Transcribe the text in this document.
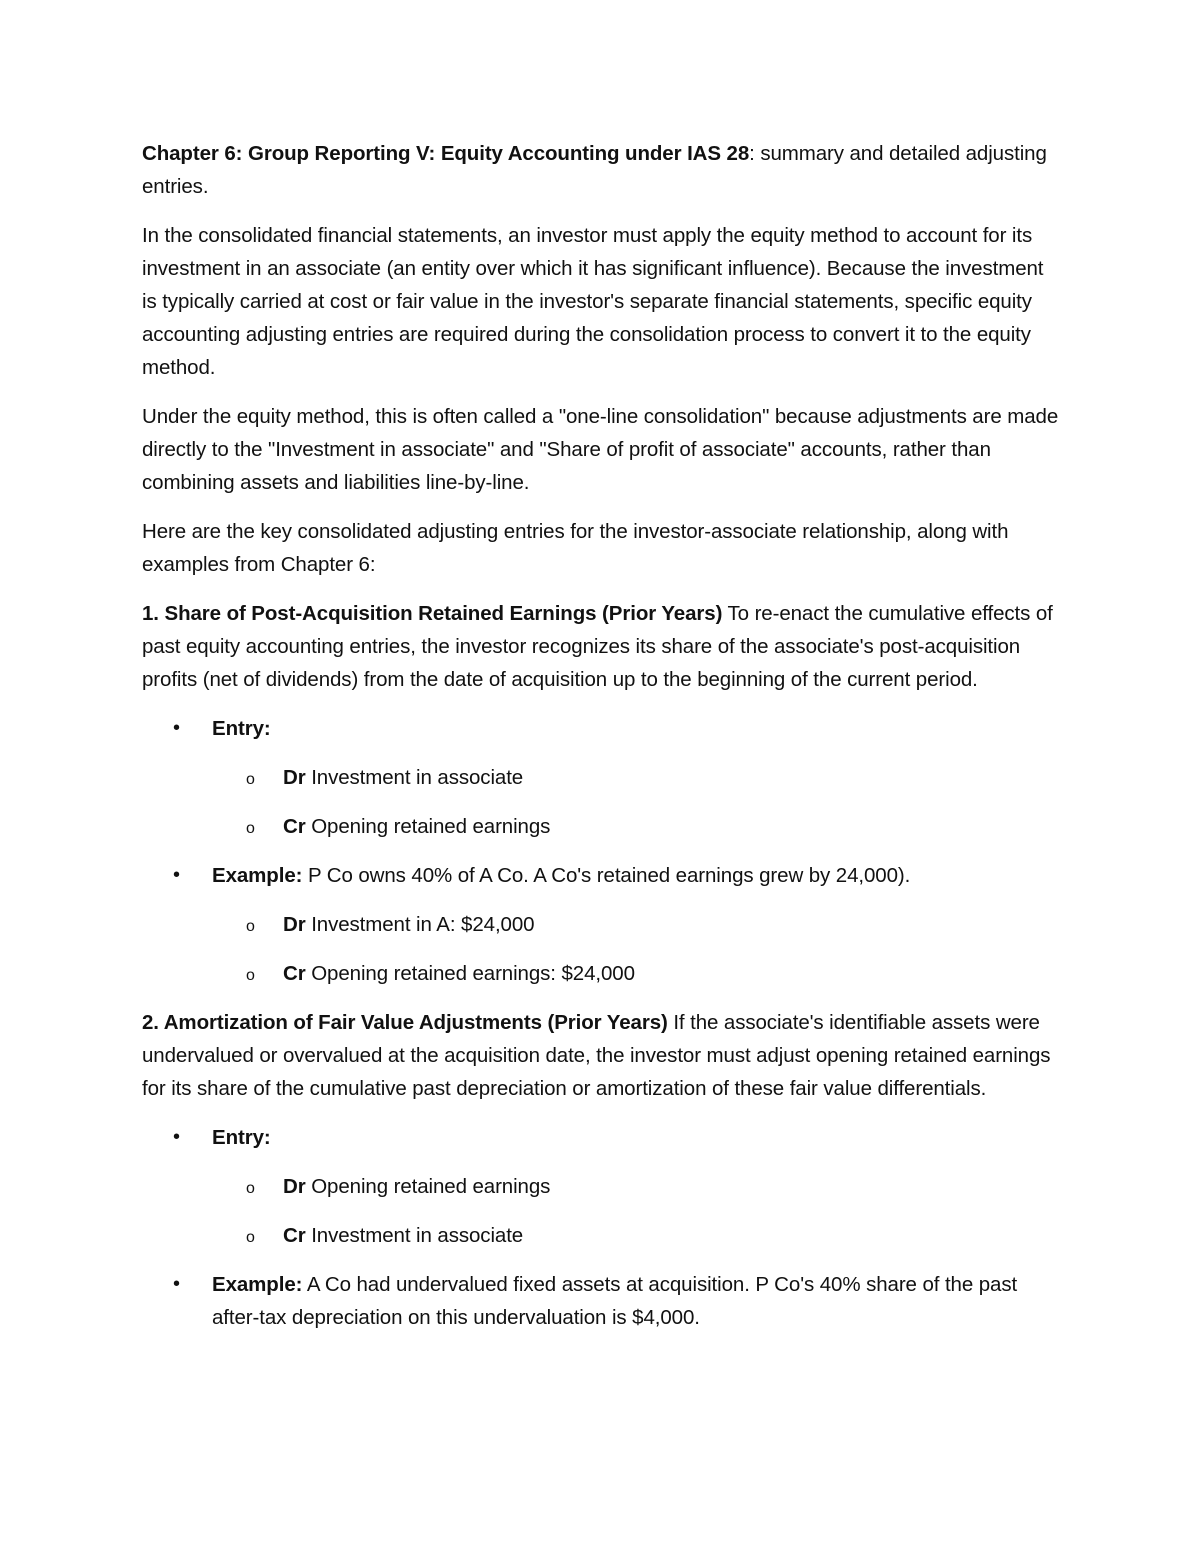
Chapter 6: Group Reporting V: Equity Accounting under IAS 28: summary and detailed adjusting entries.

In the consolidated financial statements, an investor must apply the equity method to account for its investment in an associate (an entity over which it has significant influence). Because the investment is typically carried at cost or fair value in the investor's separate financial statements, specific equity accounting adjusting entries are required during the consolidation process to convert it to the equity method.

Under the equity method, this is often called a "one-line consolidation" because adjustments are made directly to the "Investment in associate" and "Share of profit of associate" accounts, rather than combining assets and liabilities line-by-line.

Here are the key consolidated adjusting entries for the investor-associate relationship, along with examples from Chapter 6:

1. Share of Post-Acquisition Retained Earnings (Prior Years) To re-enact the cumulative effects of past equity accounting entries, the investor recognizes its share of the associate's post-acquisition profits (net of dividends) from the date of acquisition up to the beginning of the current period.

• Entry:
o Dr Investment in associate
o Cr Opening retained earnings
• Example: P Co owns 40% of A Co. A Co's retained earnings grew by 24,000).
o Dr Investment in A: $24,000
o Cr Opening retained earnings: $24,000

2. Amortization of Fair Value Adjustments (Prior Years) If the associate's identifiable assets were undervalued or overvalued at the acquisition date, the investor must adjust opening retained earnings for its share of the cumulative past depreciation or amortization of these fair value differentials.

• Entry:
o Dr Opening retained earnings
o Cr Investment in associate
• Example: A Co had undervalued fixed assets at acquisition. P Co's 40% share of the past after-tax depreciation on this undervaluation is $4,000.
